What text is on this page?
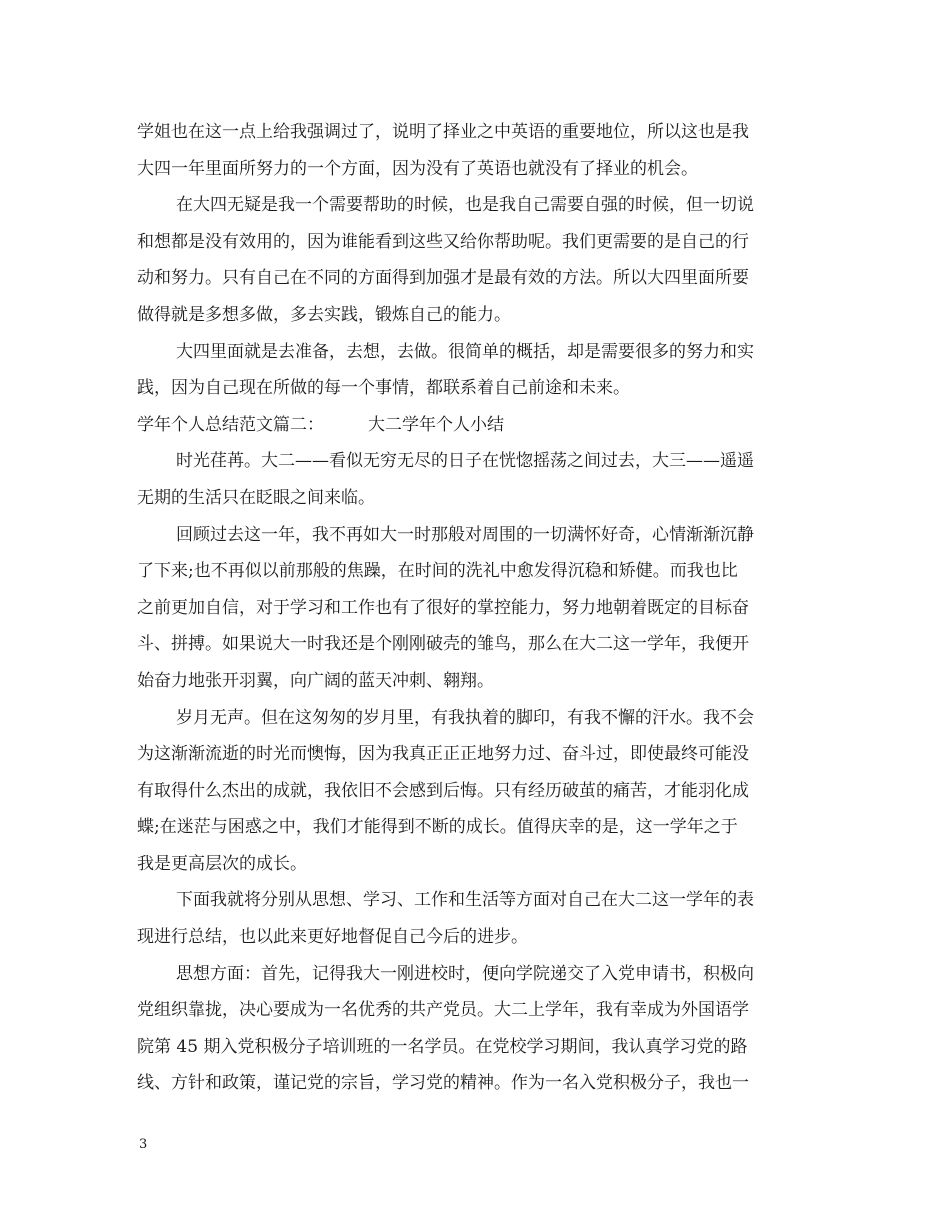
学姐也在这一点上给我强调过了，说明了择业之中英语的重要地位，所以这也是我
大四一年里面所努力的一个方面，因为没有了英语也就没有了择业的机会。
在大四无疑是我一个需要帮助的时候，也是我自己需要自强的时候，但一切说
和想都是没有效用的，因为谁能看到这些又给你帮助呢。我们更需要的是自己的行
动和努力。只有自己在不同的方面得到加强才是最有效的方法。所以大四里面所要
做得就是多想多做，多去实践，锻炼自己的能力。
大四里面就是去准备，去想，去做。很简单的概括，却是需要很多的努力和实
践，因为自己现在所做的每一个事情，都联系着自己前途和未来。
学年个人总结范文篇二：	大二学年个人小结
时光荏苒。大二——看似无穷无尽的日子在恍惚摇荡之间过去，大三——遥遥
无期的生活只在眨眼之间来临。
回顾过去这一年，我不再如大一时那般对周围的一切满怀好奇，心情渐渐沉静
了下来;也不再似以前那般的焦躁，在时间的洗礼中愈发得沉稳和矫健。而我也比
之前更加自信，对于学习和工作也有了很好的掌控能力，努力地朝着既定的目标奋
斗、拼搏。如果说大一时我还是个刚刚破壳的雏鸟，那么在大二这一学年，我便开
始奋力地张开羽翼，向广阔的蓝天冲刺、翱翔。
岁月无声。但在这匆匆的岁月里，有我执着的脚印，有我不懈的汗水。我不会
为这渐渐流逝的时光而懊悔，因为我真正正正地努力过、奋斗过，即使最终可能没
有取得什么杰出的成就，我依旧不会感到后悔。只有经历破茧的痛苦，才能羽化成
蝶;在迷茫与困惑之中，我们才能得到不断的成长。值得庆幸的是，这一学年之于
我是更高层次的成长。
下面我就将分别从思想、学习、工作和生活等方面对自己在大二这一学年的表
现进行总结，也以此来更好地督促自己今后的进步。
思想方面：首先，记得我大一刚进校时，便向学院递交了入党申请书，积极向
党组织靠拢，决心要成为一名优秀的共产党员。大二上学年，我有幸成为外国语学
院第 45 期入党积极分子培训班的一名学员。在党校学习期间，我认真学习党的路
线、方针和政策，谨记党的宗旨，学习党的精神。作为一名入党积极分子，我也一
3
